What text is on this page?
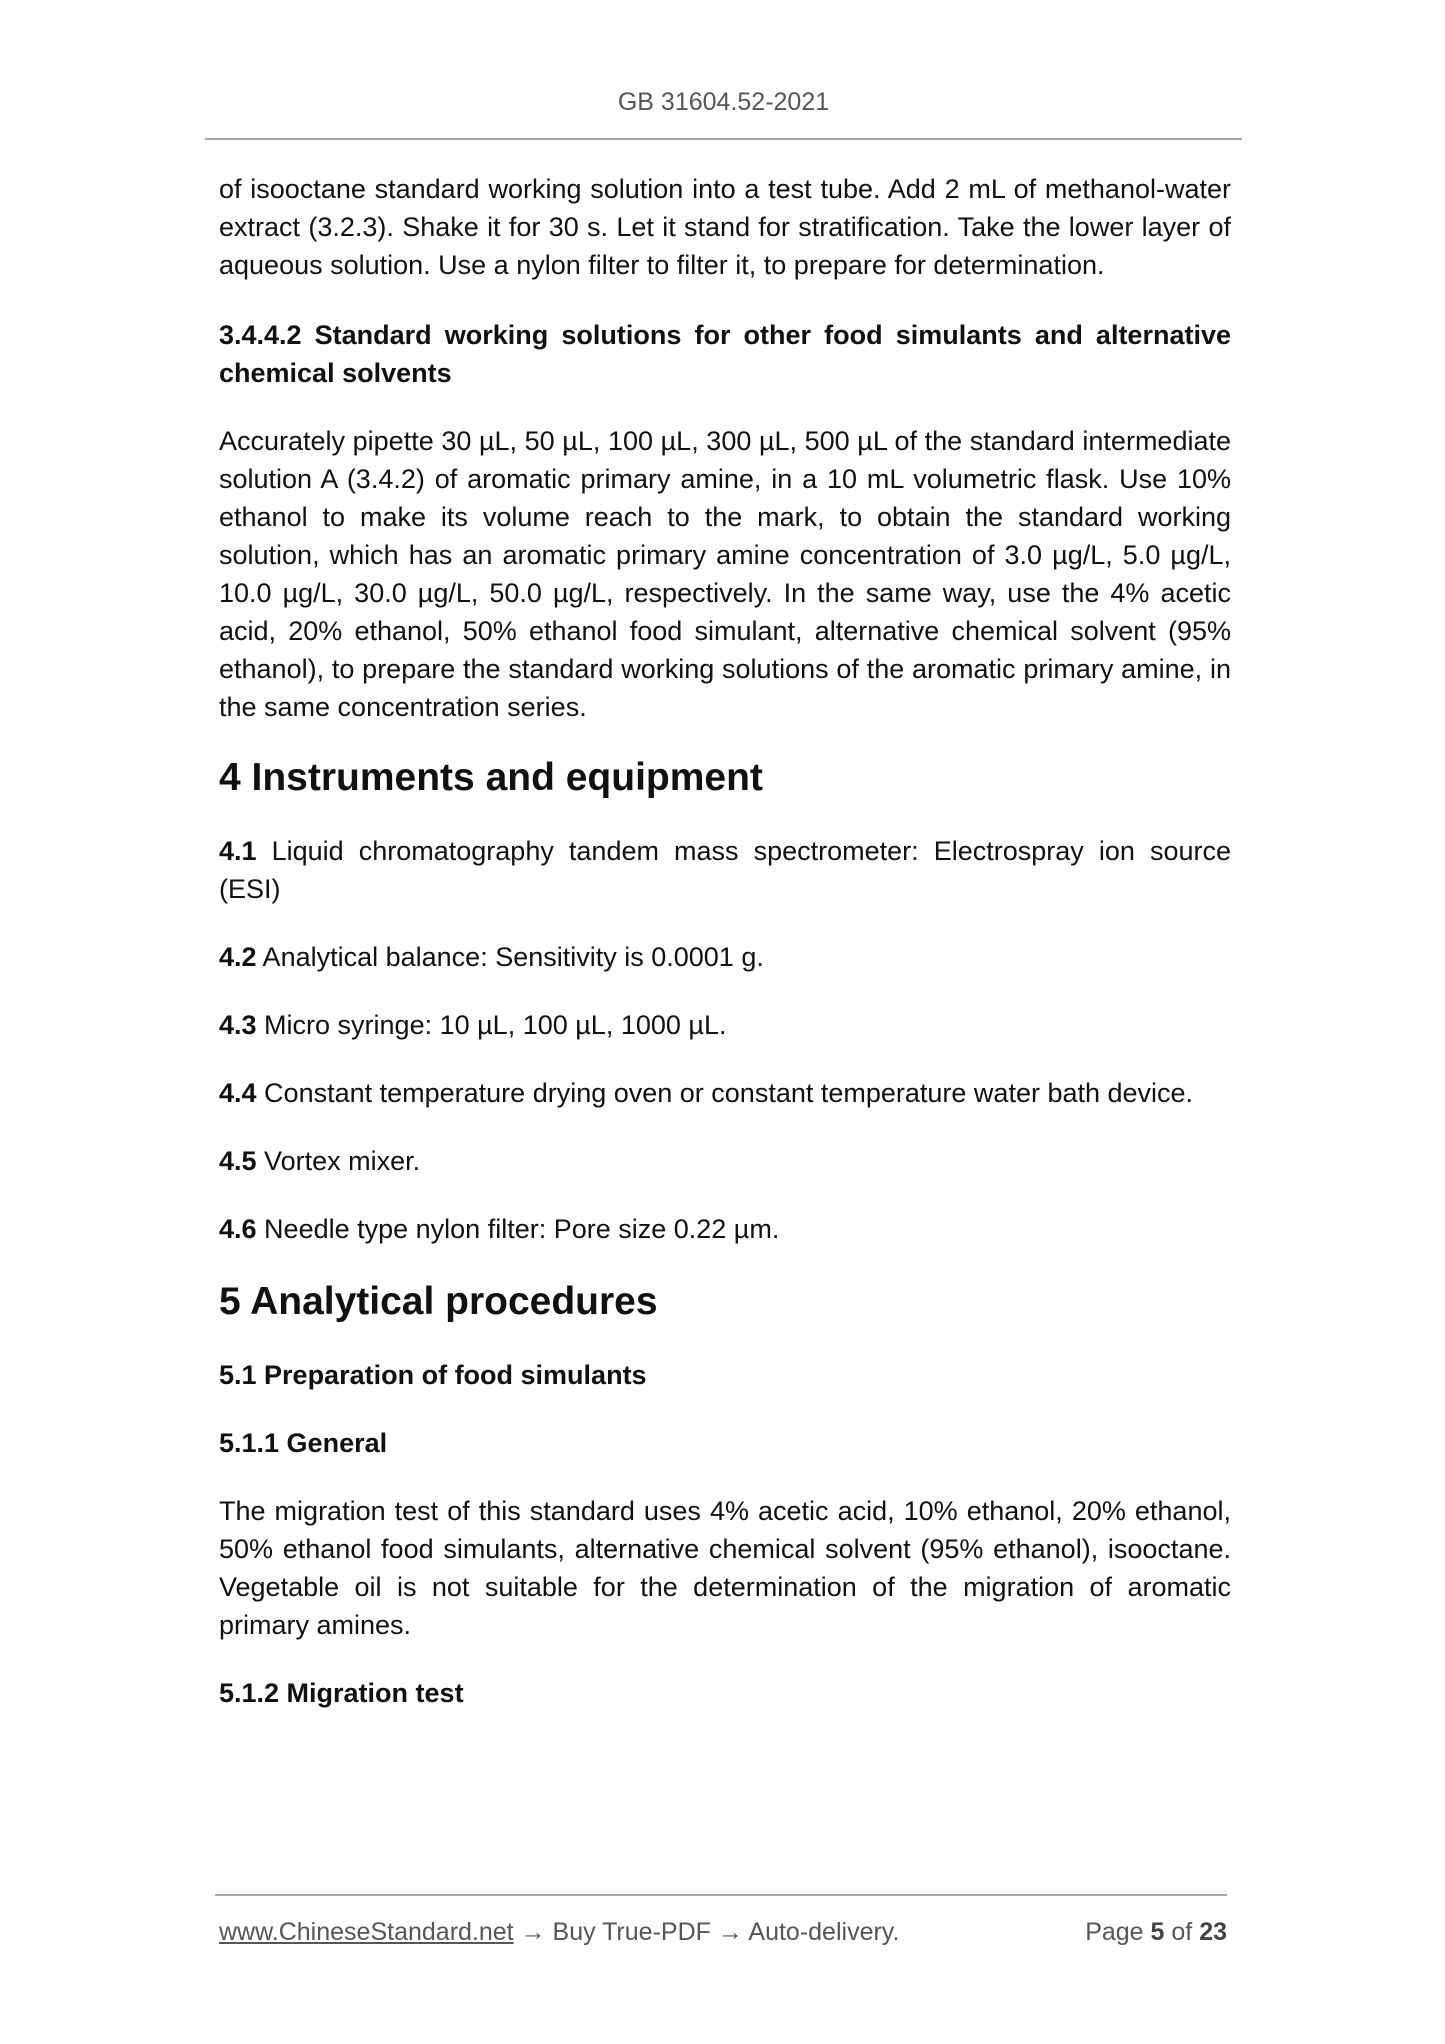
GB 31604.52-2021

of isooctane standard working solution into a test tube. Add 2 mL of methanol-water extract (3.2.3). Shake it for 30 s. Let it stand for stratification. Take the lower layer of aqueous solution. Use a nylon filter to filter it, to prepare for determination.

3.4.4.2 Standard working solutions for other food simulants and alternative chemical solvents

Accurately pipette 30 µL, 50 µL, 100 µL, 300 µL, 500 µL of the standard intermediate solution A (3.4.2) of aromatic primary amine, in a 10 mL volumetric flask. Use 10% ethanol to make its volume reach to the mark, to obtain the standard working solution, which has an aromatic primary amine concentration of 3.0 µg/L, 5.0 µg/L, 10.0 µg/L, 30.0 µg/L, 50.0 µg/L, respectively. In the same way, use the 4% acetic acid, 20% ethanol, 50% ethanol food simulant, alternative chemical solvent (95% ethanol), to prepare the standard working solutions of the aromatic primary amine, in the same concentration series.

4 Instruments and equipment

4.1 Liquid chromatography tandem mass spectrometer: Electrospray ion source (ESI)

4.2 Analytical balance: Sensitivity is 0.0001 g.

4.3 Micro syringe: 10 µL, 100 µL, 1000 µL.

4.4 Constant temperature drying oven or constant temperature water bath device.

4.5 Vortex mixer.

4.6 Needle type nylon filter: Pore size 0.22 µm.

5 Analytical procedures

5.1 Preparation of food simulants

5.1.1 General

The migration test of this standard uses 4% acetic acid, 10% ethanol, 20% ethanol, 50% ethanol food simulants, alternative chemical solvent (95% ethanol), isooctane. Vegetable oil is not suitable for the determination of the migration of aromatic primary amines.

5.1.2 Migration test

www.ChineseStandard.net → Buy True-PDF → Auto-delivery.	Page 5 of 23
